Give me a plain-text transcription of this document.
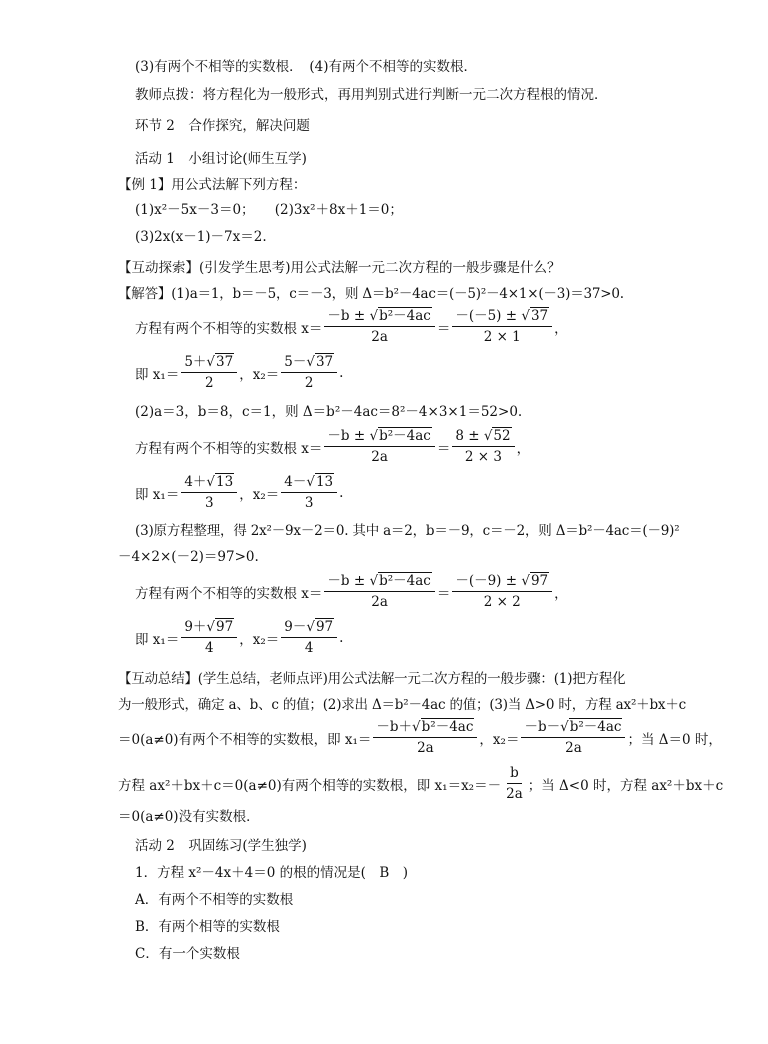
(3)有两个不相等的实数根．　(4)有两个不相等的实数根．
教师点拨：将方程化为一般形式，再用判别式进行判断一元二次方程根的情况．
环节 2　合作探究，解决问题
活动 1　小组讨论(师生互学)
【例 1】用公式法解下列方程：
(1)x²－5x－3＝0；　　(2)3x²＋8x＋1＝0；
(3)2x(x－1)－7x＝2.
【互动探索】(引发学生思考)用公式法解一元二次方程的一般步骤是什么？
【解答】(1)a＝1，b＝－5，c＝－3，则 Δ＝b²－4ac＝(－5)²－4×1×(－3)＝37>0.
方程有两个不相等的实数根 $x= \frac{\text{－b ± √b²－4ac}}{2a} = \frac{-(-5) \pm √37}{2 \times 1}$ ，
即 $x_1= \frac{5+√37}{2}$ ，$x_2= \frac{5-√37}{2}$ .
(2)a＝3，b＝8，c＝1，则 Δ＝b²－4ac＝8²－4×3×1＝52>0.
方程有两个不相等的实数根 $x= \frac{\text{－b ± √b²－4ac}}{2a} = \frac{8 \pm √52}{2 \times 3}$ ，
即 $x_1= \frac{4+√13}{3}$ ，$x_2= \frac{4-√13}{3}$ .
(3)原方程整理，得 2x²－9x－2＝0. 其中 a＝2，b＝－9，c＝－2，则 Δ＝b²－4ac＝(－9)²
－4×2×(－2)＝97>0.
方程有两个不相等的实数根 $x= \frac{\text{－b ± √b²－4ac}}{2a} = \frac{-(-9) \pm √97}{2 \times 2}$ ，
即 $x_1= \frac{9+√97}{4}$ ，$x_2= \frac{9-√97}{4}$ .
【互动总结】(学生总结，老师点评)用公式法解一元二次方程的一般步骤：(1)把方程化
为一般形式，确定 a、b、c 的值；(2)求出 Δ＝b²－4ac 的值；(3)当 Δ>0 时，方程 ax²＋bx＋c
＝0(a≠0)有两个不相等的实数根，即 $x_1= \frac{\text{－b＋√b²－4ac}}{2a}$ ，$x_2= \frac{\text{－b－√b²－4ac}}{2a}$ ；当 Δ＝0 时，
方程 ax²＋bx＋c＝0(a≠0)有两个相等的实数根，即 $x_1=x_2=- \frac{b}{2a}$ ；当 Δ<0 时，方程 ax²＋bx＋c
＝0(a≠0)没有实数根．
活动 2　巩固练习(学生独学)
1．方程 x²－4x＋4＝0 的根的情况是(　B　)
A．有两个不相等的实数根
B．有两个相等的实数根
C．有一个实数根
